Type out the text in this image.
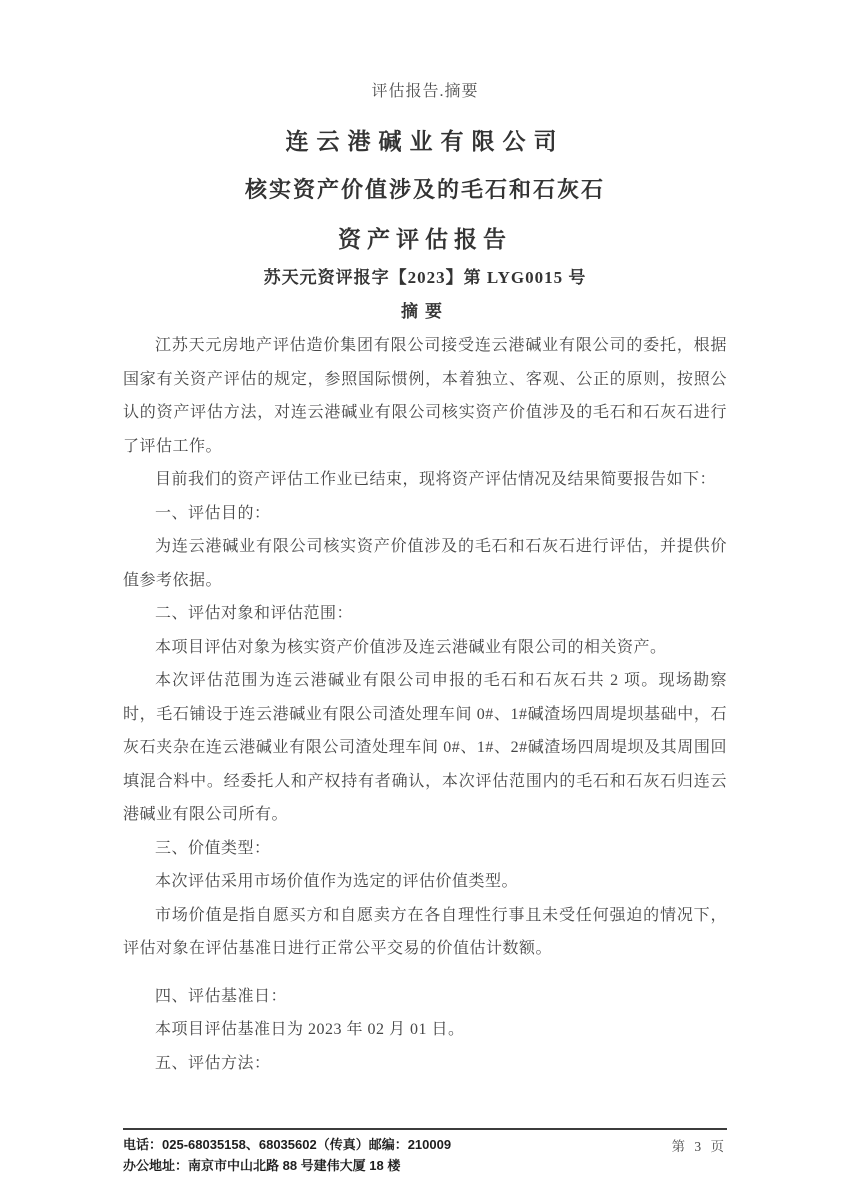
评估报告.摘要
连云港碱业有限公司
核实资产价值涉及的毛石和石灰石
资产评估报告
苏天元资评报字【2023】第 LYG0015 号
摘要

江苏天元房地产评估造价集团有限公司接受连云港碱业有限公司的委托，根据国家有关资产评估的规定，参照国际惯例，本着独立、客观、公正的原则，按照公认的资产评估方法，对连云港碱业有限公司核实资产价值涉及的毛石和石灰石进行了评估工作。

目前我们的资产评估工作业已结束，现将资产评估情况及结果简要报告如下：

一、评估目的：

为连云港碱业有限公司核实资产价值涉及的毛石和石灰石进行评估，并提供价值参考依据。

二、评估对象和评估范围：

本项目评估对象为核实资产价值涉及连云港碱业有限公司的相关资产。

本次评估范围为连云港碱业有限公司申报的毛石和石灰石共 2 项。现场勘察时，毛石铺设于连云港碱业有限公司渣处理车间 0#、1#碱渣场四周堤坝基础中，石灰石夹杂在连云港碱业有限公司渣处理车间 0#、1#、2#碱渣场四周堤坝及其周围回填混合料中。经委托人和产权持有者确认，本次评估范围内的毛石和石灰石归连云港碱业有限公司所有。

三、价值类型：

本次评估采用市场价值作为选定的评估价值类型。

市场价值是指自愿买方和自愿卖方在各自理性行事且未受任何强迫的情况下，评估对象在评估基准日进行正常公平交易的价值估计数额。

四、评估基准日：

本项目评估基准日为 2023 年 02 月 01 日。

五、评估方法：

电话：025-68035158、68035602（传真）邮编：210009
办公地址：南京市中山北路 88 号建伟大厦 18 楼
第 3 页
